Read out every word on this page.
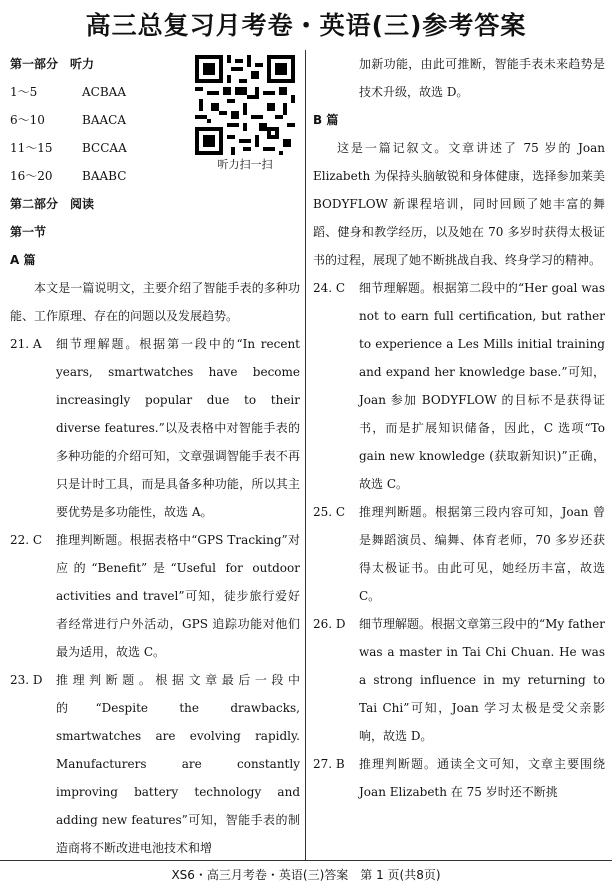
高三总复习月考卷・英语(三)参考答案
听力扫一扫

第一部分　听力

1～5	ACBAA
6～10	BAACA
11～15	BCCAA
16～20	BAABC

第二部分　阅读

第一节

A 篇

本文是一篇说明文，主要介绍了智能手表的多种功能、工作原理、存在的问题以及发展趋势。

21. A	细节理解题。根据第一段中的“In recent years, smartwatches have become increasingly popular due to their diverse features.”以及表格中对智能手表的多种功能的介绍可知，文章强调智能手表不再只是计时工具，而是具备多种功能，所以其主要优势是多功能性，故选 A。
22. C	推理判断题。根据表格中“GPS Tracking”对应的“Benefit”是“Useful for outdoor activities and travel”可知，徒步旅行爱好者经常进行户外活动，GPS 追踪功能对他们最为适用，故选 C。
23. D	推理判断题。根据文章最后一段中的“Despite the drawbacks, smartwatches are evolving rapidly. Manufacturers are constantly improving battery technology and adding new features”可知，智能手表的制造商将不断改进电池技术和增
加新功能，由此可推断，智能手表未来趋势是技术升级，故选 D。

B 篇

这是一篇记叙文。文章讲述了 75 岁的 Joan Elizabeth 为保持头脑敏锐和身体健康，选择参加莱美 BODYFLOW 新课程培训，同时回顾了她丰富的舞蹈、健身和教学经历，以及她在 70 多岁时获得太极证书的过程，展现了她不断挑战自我、终身学习的精神。

24. C	细节理解题。根据第二段中的“Her goal was not to earn full certification, but rather to experience a Les Mills initial training and expand her knowledge base.”可知，Joan 参加 BODYFLOW 的目标不是获得证书，而是扩展知识储备，因此，C 选项“To gain new knowledge (获取新知识)”正确，故选 C。
25. C	推理判断题。根据第三段内容可知，Joan 曾是舞蹈演员、编舞、体育老师，70 多岁还获得太极证书。由此可见，她经历丰富，故选 C。
26. D	细节理解题。根据文章第三段中的“My father was a master in Tai Chi Chuan. He was a strong influence in my returning to Tai Chi”可知，Joan 学习太极是受父亲影响，故选 D。
27. B	推理判断题。通读全文可知，文章主要围绕 Joan Elizabeth 在 75 岁时还不断挑
XS6・高三月考卷・英语(三)答案　第 1 页(共8页)
